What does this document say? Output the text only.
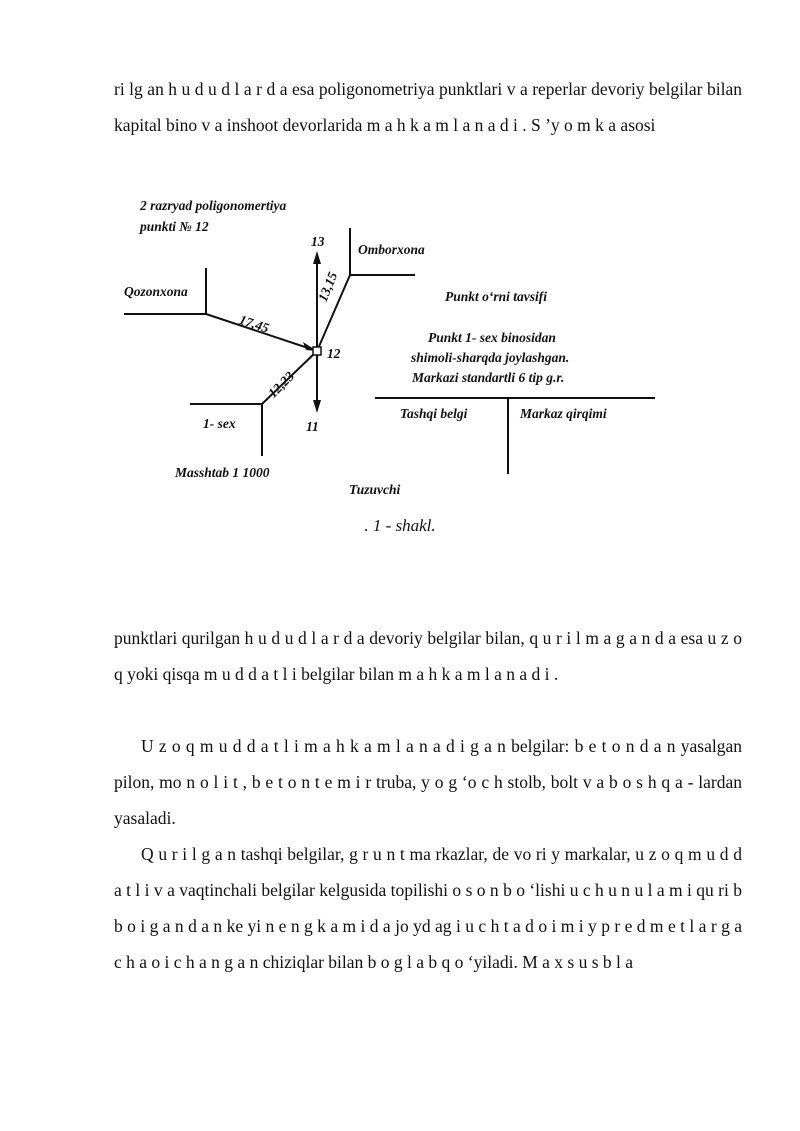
ri lg an h u d u d l a r d a esa poligonometriya punktlari v a reperlar devoriy belgilar bilan kapital bino v a inshoot devorlarida m a h k a m l a n a d i . S ’y o m k a asosi

2 razryad poligonomertiya
punkti № 12
13
Omborxona
Qozonxona	13,15
17,45
12
12,23
1- sex	11
Masshtab 1 1000
Tuzuvchi
Punkt o‘rni tavsifi
Punkt 1- sex binosidan
shimoli-sharqda joylashgan.
Markazi standartli 6 tip g.r.
Tashqi belgi	Markaz qirqimi
. 1 - shakl.

punktlari qurilgan h u d u d l a r d a devoriy belgilar bilan, q u r i l m a g a n d a esa u z o q yoki qisqa m u d d a t l i belgilar bilan m a h k a m l a n a d i .

U z o q m u d d a t l i m a h k a m l a n a d i g a n belgilar: b e t o n d a n yasalgan pilon, mo n o l i t , b e t o n t e m i r truba, y o g ‘o c h stolb, bolt v a b o s h q a - lardan yasaladi.

Q u r i l g a n tashqi belgilar, g r u n t ma rkazlar, de vo ri y markalar, u z o q m u d d a t l i v a vaqtinchali belgilar kelgusida topilishi o s o n b o ‘lishi u c h u n u l a m i qu ri b b o i g a n d a n ke yi n e n g k a m i d a jo yd ag i u c h t a d o i m i y p r e d m e t l a r g a c h a o i c h a n g a n chiziqlar bilan b o g l a b q o ‘yiladi. M a x s u s b l a
